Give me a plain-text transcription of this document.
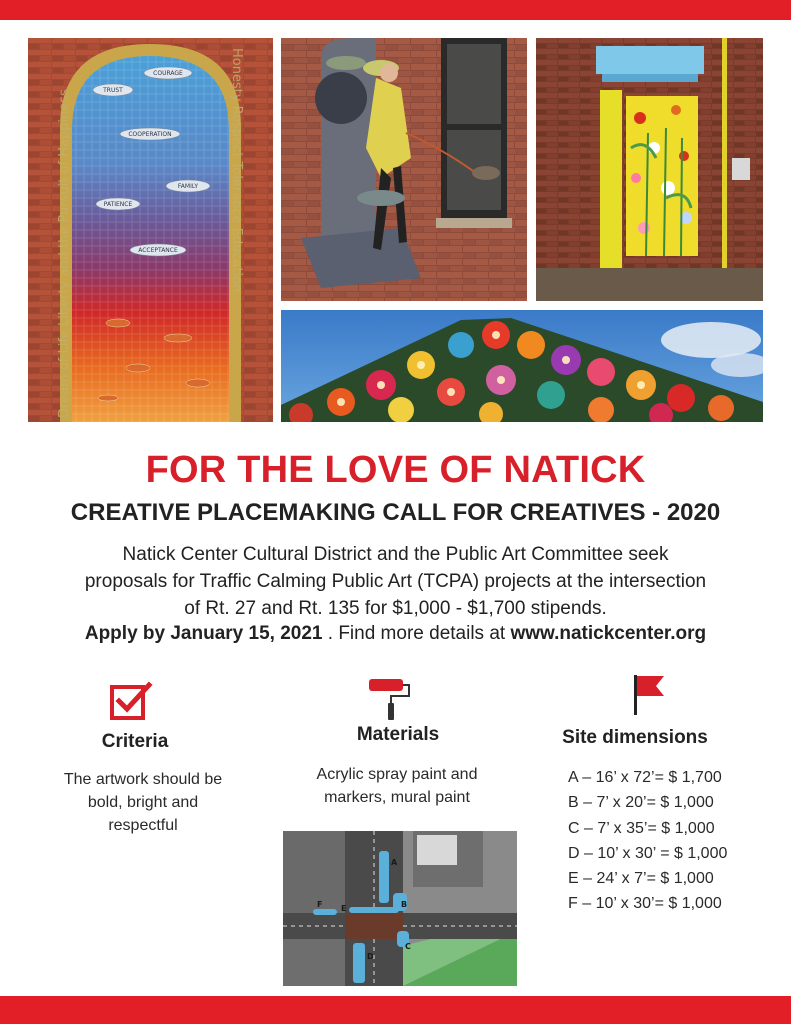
COURAGE
TRUST
COOPERATION
FAMILY
PATIENCE
ACCEPTANCE
Dream of Life Liberty and the Pursuit of Happiness	Honesty Respect Tolerance Education
FOR THE LOVE OF NATICK
CREATIVE PLACEMAKING CALL FOR CREATIVES - 2020
Natick Center Cultural District and the Public Art Committee seek
proposals for Traffic Calming Public Art (TCPA) projects at the intersection
of Rt. 27 and Rt. 135 for $1,000 - $1,700 stipends.
Apply by January 15, 2021 . Find more details at www.natickcenter.org
Criteria
The artwork should be
bold, bright and
respectful
Materials
Acrylic spray paint and
markers, mural paint
Site dimensions
A – 16’ x 72’= $ 1,700
B – 7’ x 20’= $ 1,000
C – 7’ x 35’= $ 1,000
D – 10’ x 30’ = $ 1,000
E – 24’ x 7’= $ 1,000
F – 10’ x 30’= $ 1,000
A
B
C
D
E
F
